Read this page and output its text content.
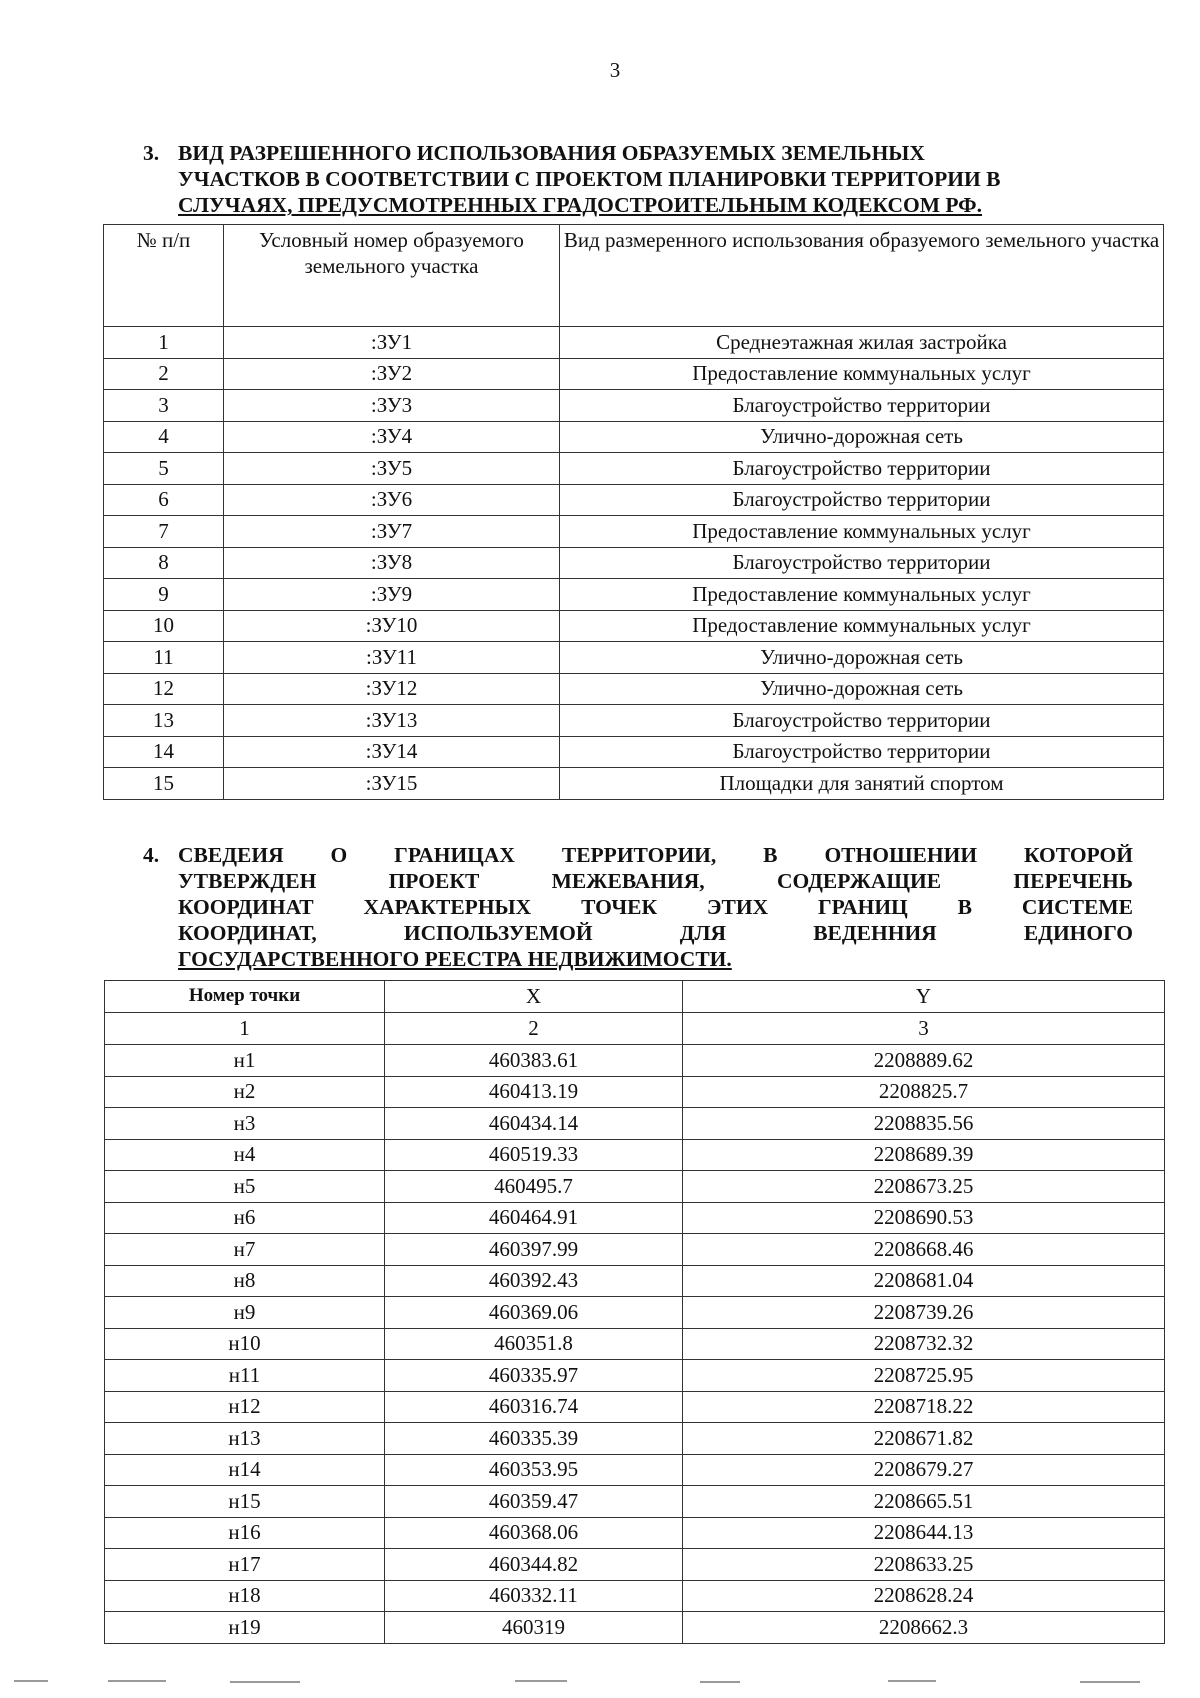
3
3. ВИД РАЗРЕШЕННОГО ИСПОЛЬЗОВАНИЯ ОБРАЗУЕМЫХ ЗЕМЕЛЬНЫХ
УЧАСТКОВ В СООТВЕТСТВИИ С ПРОЕКТОМ ПЛАНИРОВКИ ТЕРРИТОРИИ В
СЛУЧАЯХ, ПРЕДУСМОТРЕННЫХ ГРАДОСТРОИТЕЛЬНЫМ КОДЕКСОМ РФ.
№ п/п	Условный номер образуемого земельного участка	Вид размеренного использования образуемого земельного участка
1	:ЗУ1	Среднеэтажная жилая застройка
2	:ЗУ2	Предоставление коммунальных услуг
3	:ЗУ3	Благоустройство территории
4	:ЗУ4	Улично-дорожная сеть
5	:ЗУ5	Благоустройство территории
6	:ЗУ6	Благоустройство территории
7	:ЗУ7	Предоставление коммунальных услуг
8	:ЗУ8	Благоустройство территории
9	:ЗУ9	Предоставление коммунальных услуг
10	:ЗУ10	Предоставление коммунальных услуг
11	:ЗУ11	Улично-дорожная сеть
12	:ЗУ12	Улично-дорожная сеть
13	:ЗУ13	Благоустройство территории
14	:ЗУ14	Благоустройство территории
15	:ЗУ15	Площадки для занятий спортом
4. СВЕДЕИЯ О ГРАНИЦАХ ТЕРРИТОРИИ, В ОТНОШЕНИИ КОТОРОЙ
УТВЕРЖДЕН ПРОЕКТ МЕЖЕВАНИЯ, СОДЕРЖАЩИЕ ПЕРЕЧЕНЬ
КООРДИНАТ ХАРАКТЕРНЫХ ТОЧЕК ЭТИХ ГРАНИЦ В СИСТЕМЕ
КООРДИНАТ, ИСПОЛЬЗУЕМОЙ ДЛЯ ВЕДЕННИЯ ЕДИНОГО
ГОСУДАРСТВЕННОГО РЕЕСТРА НЕДВИЖИМОСТИ.
Номер точки	X	Y
1	2	3
н1	460383.61	2208889.62
н2	460413.19	2208825.7
н3	460434.14	2208835.56
н4	460519.33	2208689.39
н5	460495.7	2208673.25
н6	460464.91	2208690.53
н7	460397.99	2208668.46
н8	460392.43	2208681.04
н9	460369.06	2208739.26
н10	460351.8	2208732.32
н11	460335.97	2208725.95
н12	460316.74	2208718.22
н13	460335.39	2208671.82
н14	460353.95	2208679.27
н15	460359.47	2208665.51
н16	460368.06	2208644.13
н17	460344.82	2208633.25
н18	460332.11	2208628.24
н19	460319	2208662.3
